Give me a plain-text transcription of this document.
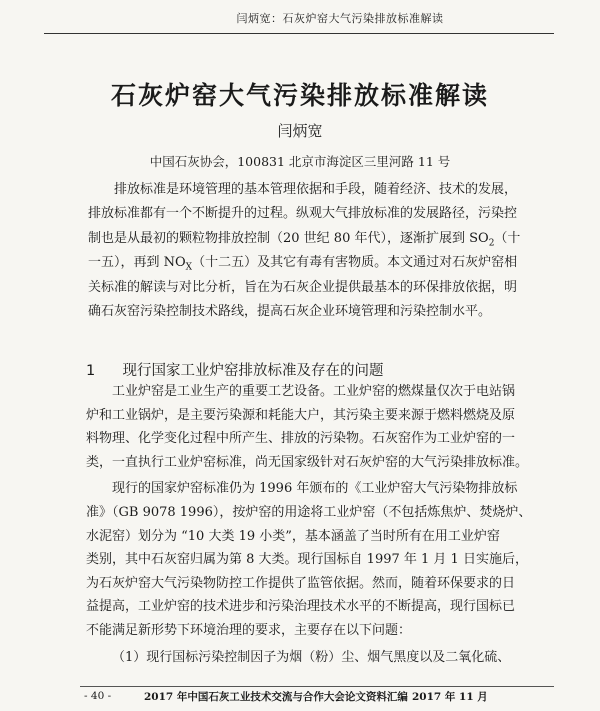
闫炳宽：石灰炉窑大气污染排放标准解读
石灰炉窑大气污染排放标准解读
闫炳宽
中国石灰协会，100831 北京市海淀区三里河路 11 号
排放标准是环境管理的基本管理依据和手段，随着经济、技术的发展，
排放标准都有一个不断提升的过程。纵观大气排放标准的发展路径，污染控
制也是从最初的颗粒物排放控制（20 世纪 80 年代），逐渐扩展到 $SO_2$（十
一五），再到 $NO_X$（十二五）及其它有毒有害物质。本文通过对石灰炉窑相
关标准的解读与对比分析，旨在为石灰企业提供最基本的环保排放依据，明
确石灰窑污染控制技术路线，提高石灰企业环境管理和污染控制水平。
1 现行国家工业炉窑排放标准及存在的问题
工业炉窑是工业生产的重要工艺设备。工业炉窑的燃煤量仅次于电站锅
炉和工业锅炉，是主要污染源和耗能大户，其污染主要来源于燃料燃烧及原
料物理、化学变化过程中所产生、排放的污染物。石灰窑作为工业炉窑的一
类，一直执行工业炉窑标准，尚无国家级针对石灰炉窑的大气污染排放标准。
现行的国家炉窑标准仍为 1996 年颁布的《工业炉窑大气污染物排放标
准》（GB 9078 1996），按炉窑的用途将工业炉窑（不包括炼焦炉、焚烧炉、
水泥窑）划分为 “10 大类 19 小类”，基本涵盖了当时所有在用工业炉窑
类别，其中石灰窑归属为第 8 大类。现行国标自 1997 年 1 月 1 日实施后，
为石灰炉窑大气污染物防控工作提供了监管依据。然而，随着环保要求的日
益提高，工业炉窑的技术进步和污染治理技术水平的不断提高，现行国标已
不能满足新形势下环境治理的要求，主要存在以下问题：
（1）现行国标污染控制因子为烟（粉）尘、烟气黑度以及二氧化硫、
- 40 -	2017 年中国石灰工业技术交流与合作大会论文资料汇编 2017 年 11 月
